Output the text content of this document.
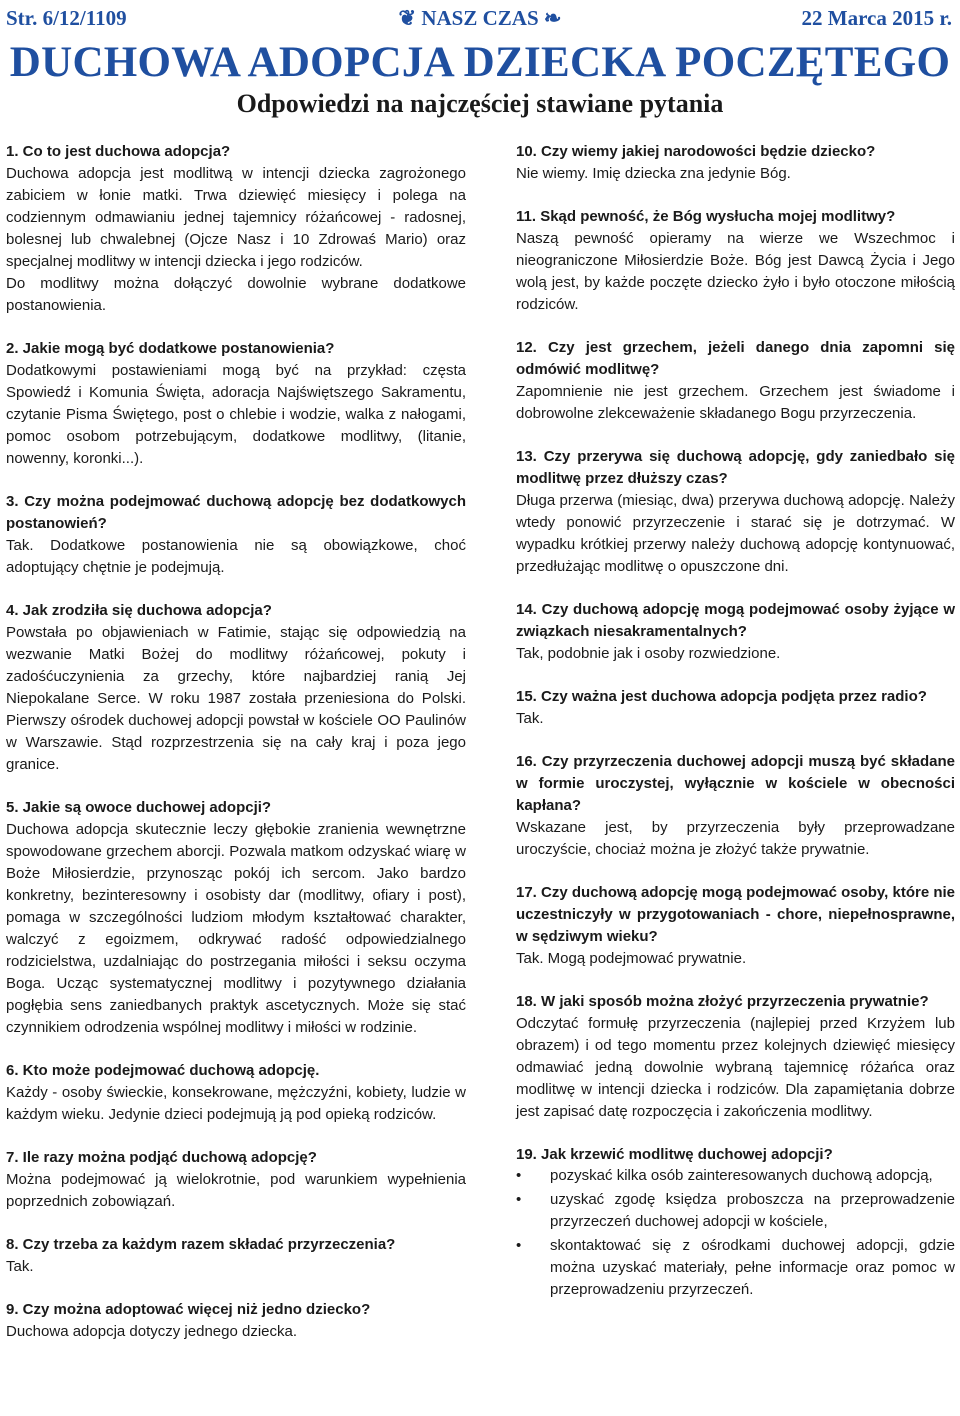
Str. 6/12/1109	❦ NASZ CZAS ❧	22 Marca 2015 r.
DUCHOWA ADOPCJA DZIECKA POCZĘTEGO
Odpowiedzi na najczęściej stawiane pytania

1. Co to jest duchowa adopcja?

Duchowa adopcja jest modlitwą w intencji dziecka zagrożonego zabiciem w łonie matki. Trwa dziewięć miesięcy i polega na codziennym odmawianiu jednej tajemnicy różańcowej - radosnej, bolesnej lub chwalebnej (Ojcze Nasz i 10 Zdrowaś Mario) oraz specjalnej modlitwy w intencji dziecka i jego rodziców.

Do modlitwy można dołączyć dowolnie wybrane dodatkowe postanowienia.

2. Jakie mogą być dodatkowe postanowienia?

Dodatkowymi postawieniami mogą być na przykład: częsta Spowiedź i Komunia Święta, adoracja Najświętszego Sakramentu, czytanie Pisma Świętego, post o chlebie i wodzie, walka z nałogami, pomoc osobom potrzebującym, dodatkowe modlitwy, (litanie, nowenny, koronki...).

3. Czy można podejmować duchową adopcję bez dodatkowych postanowień?

Tak. Dodatkowe postanowienia nie są obowiązkowe, choć adoptujący chętnie je podejmują.

4. Jak zrodziła się duchowa adopcja?

Powstała po objawieniach w Fatimie, stając się odpowiedzią na wezwanie Matki Bożej do modlitwy różańcowej, pokuty i zadośćuczynienia za grzechy, które najbardziej ranią Jej Niepokalane Serce. W roku 1987 została przeniesiona do Polski. Pierwszy ośrodek duchowej adopcji powstał w kościele OO Paulinów w Warszawie. Stąd rozprzestrzenia się na cały kraj i poza jego granice.

5. Jakie są owoce duchowej adopcji?

Duchowa adopcja skutecznie leczy głębokie zranienia wewnętrzne spowodowane grzechem aborcji. Pozwala matkom odzyskać wiarę w Boże Miłosierdzie, przynosząc pokój ich sercom. Jako bardzo konkretny, bezinteresowny i osobisty dar (modlitwy, ofiary i post), pomaga w szczególności ludziom młodym kształtować charakter, walczyć z egoizmem, odkrywać radość odpowiedzialnego rodzicielstwa, uzdalniając do postrzegania miłości i seksu oczyma Boga. Ucząc systematycznej modlitwy i pozytywnego działania pogłębia sens zaniedbanych praktyk ascetycznych. Może się stać czynnikiem odrodzenia wspólnej modlitwy i miłości w rodzinie.

6. Kto może podejmować duchową adopcję.

Każdy - osoby świeckie, konsekrowane, mężczyźni, kobiety, ludzie w każdym wieku. Jedynie dzieci podejmują ją pod opieką rodziców.

7. Ile razy można podjąć duchową adopcję?

Można podejmować ją wielokrotnie, pod warunkiem wypełnienia poprzednich zobowiązań.

8. Czy trzeba za każdym razem składać przyrzeczenia?

Tak.

9. Czy można adoptować więcej niż jedno dziecko?

Duchowa adopcja dotyczy jednego dziecka.

10. Czy wiemy jakiej narodowości będzie dziecko?

Nie wiemy. Imię dziecka zna jedynie Bóg.

11. Skąd pewność, że Bóg wysłucha mojej modlitwy?

Naszą pewność opieramy na wierze we Wszechmoc i nieograniczone Miłosierdzie Boże. Bóg jest Dawcą Życia i Jego wolą jest, by każde poczęte dziecko żyło i było otoczone miłością rodziców.

12. Czy jest grzechem, jeżeli danego dnia zapomni się odmówić modlitwę?

Zapomnienie nie jest grzechem. Grzechem jest świadome i dobrowolne zlekceważenie składanego Bogu przyrzeczenia.

13. Czy przerywa się duchową adopcję, gdy zaniedbało się modlitwę przez dłuższy czas?

Długa przerwa (miesiąc, dwa) przerywa duchową adopcję. Należy wtedy ponowić przyrzeczenie i starać się je dotrzymać. W wypadku krótkiej przerwy należy duchową adopcję kontynuować, przedłużając modlitwę o opuszczone dni.

14. Czy duchową adopcję mogą podejmować osoby żyjące w związkach niesakramentalnych?

Tak, podobnie jak i osoby rozwiedzione.

15. Czy ważna jest duchowa adopcja podjęta przez radio?

Tak.

16. Czy przyrzeczenia duchowej adopcji muszą być składane w formie uroczystej, wyłącznie w kościele w obecności kapłana?

Wskazane jest, by przyrzeczenia były przeprowadzane uroczyście, chociaż można je złożyć także prywatnie.

17. Czy duchową adopcję mogą podejmować osoby, które nie uczestniczyły w przygotowaniach - chore, niepełnosprawne, w sędziwym wieku?

Tak. Mogą podejmować prywatnie.

18. W jaki sposób można złożyć przyrzeczenia prywatnie?

Odczytać formułę przyrzeczenia (najlepiej przed Krzyżem lub obrazem) i od tego momentu przez kolejnych dziewięć miesięcy odmawiać jedną dowolnie wybraną tajemnicę różańca oraz modlitwę w intencji dziecka i rodziców. Dla zapamiętania dobrze jest zapisać datę rozpoczęcia i zakończenia modlitwy.

19. Jak krzewić modlitwę duchowej adopcji?

• pozyskać kilka osób zainteresowanych duchową adopcją,
• uzyskać zgodę księdza proboszcza na przeprowadzenie przyrzeczeń duchowej adopcji w kościele,
• skontaktować się z ośrodkami duchowej adopcji, gdzie można uzyskać materiały, pełne informacje oraz pomoc w przeprowadzeniu przyrzeczeń.
